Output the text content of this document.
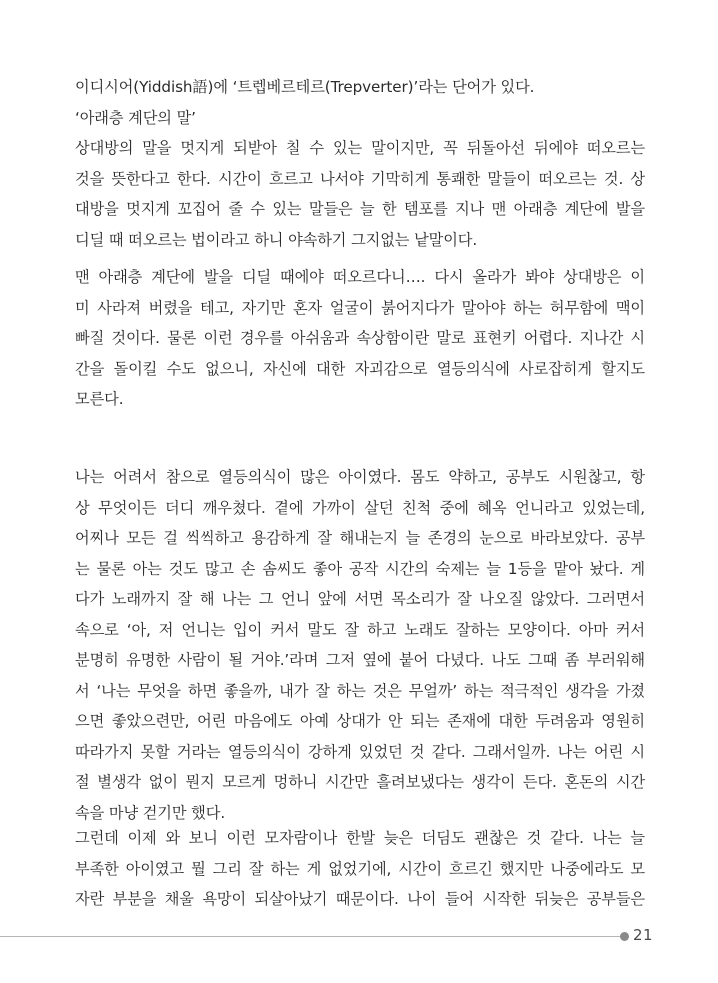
이디시어(Yiddish語)에 ‘트렙베르테르(Trepverter)’라는 단어가 있다.
‘아래층 계단의 말’
상대방의 말을 멋지게 되받아 칠 수 있는 말이지만, 꼭 뒤돌아선 뒤에야 떠오르는
것을 뜻한다고 한다. 시간이 흐르고 나서야 기막히게 통쾌한 말들이 떠오르는 것. 상
대방을 멋지게 꼬집어 줄 수 있는 말들은 늘 한 템포를 지나 맨 아래층 계단에 발을
디딜 때 떠오르는 법이라고 하니 야속하기 그지없는 낱말이다.
맨 아래층 계단에 발을 디딜 때에야 떠오르다니…. 다시 올라가 봐야 상대방은 이
미 사라져 버렸을 테고, 자기만 혼자 얼굴이 붉어지다가 말아야 하는 허무함에 맥이
빠질 것이다. 물론 이런 경우를 아쉬움과 속상함이란 말로 표현키 어렵다. 지나간 시
간을 돌이킬 수도 없으니, 자신에 대한 자괴감으로 열등의식에 사로잡히게 할지도
모른다.
나는 어려서 참으로 열등의식이 많은 아이였다. 몸도 약하고, 공부도 시원찮고, 항
상 무엇이든 더디 깨우쳤다. 곁에 가까이 살던 친척 중에 혜옥 언니라고 있었는데,
어찌나 모든 걸 씩씩하고 용감하게 잘 해내는지 늘 존경의 눈으로 바라보았다. 공부
는 물론 아는 것도 많고 손 솜씨도 좋아 공작 시간의 숙제는 늘 1등을 맡아 놨다. 게
다가 노래까지 잘 해 나는 그 언니 앞에 서면 목소리가 잘 나오질 않았다. 그러면서
속으로 ‘아, 저 언니는 입이 커서 말도 잘 하고 노래도 잘하는 모양이다. 아마 커서
분명히 유명한 사람이 될 거야.’라며 그저 옆에 붙어 다녔다. 나도 그때 좀 부러워해
서 ‘나는 무엇을 하면 좋을까, 내가 잘 하는 것은 무얼까’ 하는 적극적인 생각을 가졌
으면 좋았으련만, 어린 마음에도 아예 상대가 안 되는 존재에 대한 두려움과 영원히
따라가지 못할 거라는 열등의식이 강하게 있었던 것 같다. 그래서일까. 나는 어린 시
절 별생각 없이 뭔지 모르게 멍하니 시간만 흘려보냈다는 생각이 든다. 혼돈의 시간
속을 마냥 걷기만 했다.
그런데 이제 와 보니 이런 모자람이나 한발 늦은 더딤도 괜찮은 것 같다. 나는 늘
부족한 아이였고 뭘 그리 잘 하는 게 없었기에, 시간이 흐르긴 했지만 나중에라도 모
자란 부분을 채울 욕망이 되살아났기 때문이다. 나이 들어 시작한 뒤늦은 공부들은
21
